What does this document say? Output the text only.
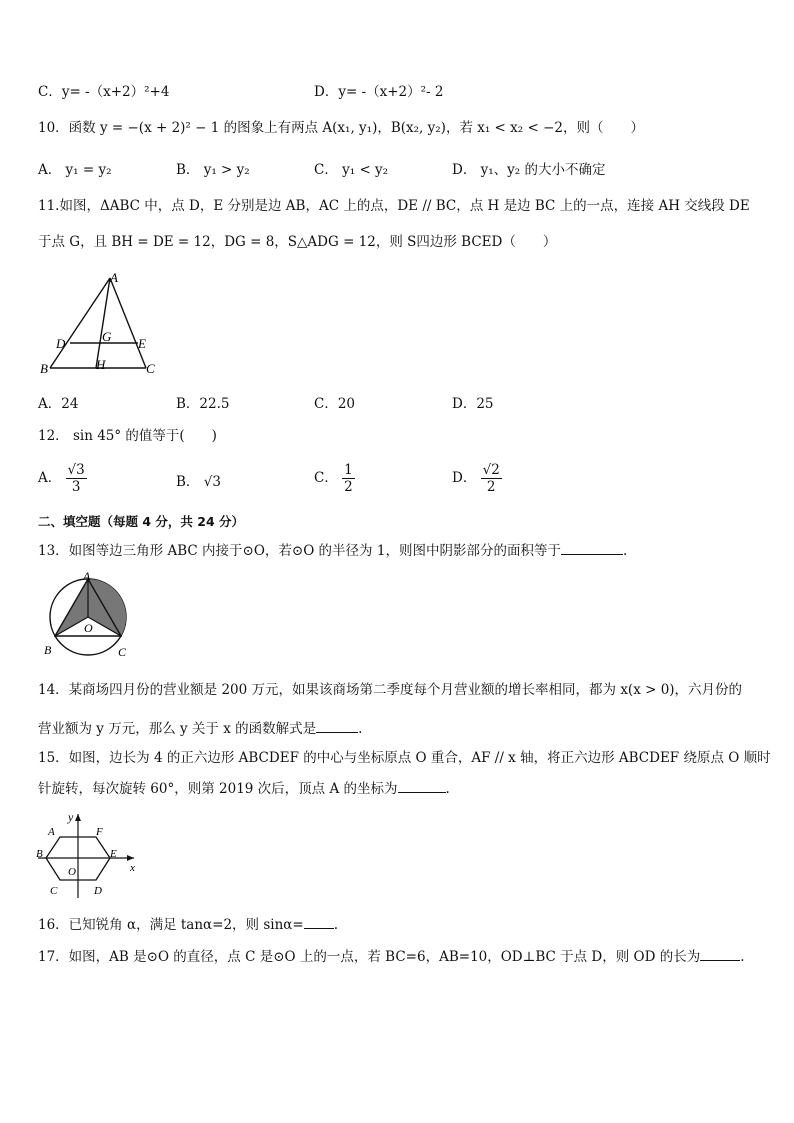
C．y= -（x+2）²+4	D．y= -（x+2）²- 2
10．函数 y = −(x + 2)² − 1 的图象上有两点 A(x₁, y₁)，B(x₂, y₂)，若 x₁ < x₂ < −2，则（　　）
A． y₁ = y₂	B． y₁ > y₂	C． y₁ < y₂	D． y₁、y₂ 的大小不确定
11.如图，ΔABC 中，点 D，E 分别是边 AB，AC 上的点，DE // BC，点 H 是边 BC 上的一点，连接 AH 交线段 DE
于点 G，且 BH = DE = 12，DG = 8，S△ADG = 12，则 S四边形 BCED（　　）
A
D	G E
B	H	C
A．24	B．22.5	C．20	D．25
12． sin 45° 的值等于(　　)
A． $\frac{√3}{3}$	B． √3	C． $\frac{1}{2}$	D． $\frac{√2}{2}$
二、填空题（每题 4 分，共 24 分）
13．如图等边三角形 ABC 内接于⊙O，若⊙O 的半径为 1，则图中阴影部分的面积等于	.
A
O
B	C
14．某商场四月份的营业额是 200 万元，如果该商场第二季度每个月营业额的增长率相同，都为 x(x > 0)，六月份的
营业额为 y 万元，那么 y 关于 x 的函数解式是	.
15．如图，边长为 4 的正六边形 ABCDEF 的中心与坐标原点 O 重合，AF // x 轴，将正六边形 ABCDEF 绕原点 O 顺时
针旋转，每次旋转 60°，则第 2019 次后，顶点 A 的坐标为	.
y
A	F
B	E
x
O
C	D
16．已知锐角 α，满足 tanα=2，则 sinα= .
17．如图，AB 是⊙O 的直径，点 C 是⊙O 上的一点，若 BC=6，AB=10，OD⊥BC 于点 D，则 OD 的长为	.
